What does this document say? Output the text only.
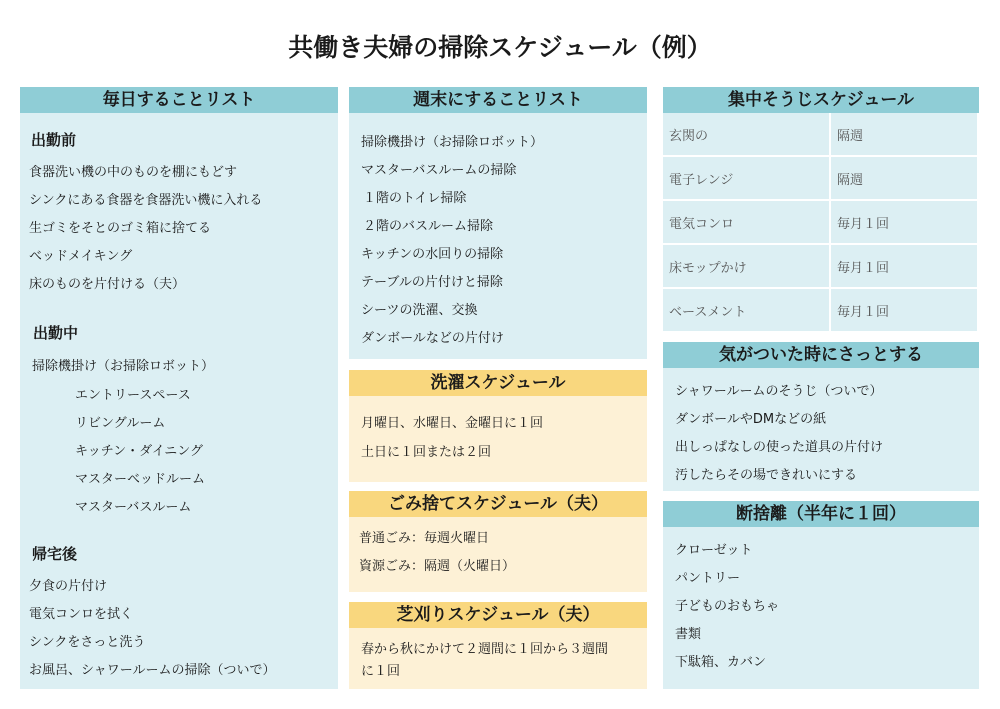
共働き夫婦の掃除スケジュール（例）
毎日することリスト
出勤前
食器洗い機の中のものを棚にもどす
シンクにある食器を食器洗い機に入れる
生ゴミをそとのゴミ箱に捨てる
ベッドメイキング
床のものを片付ける（夫）
出勤中
掃除機掛け（お掃除ロボット）
エントリースペース
リビングルーム
キッチン・ダイニング
マスターベッドルーム
マスターバスルーム
帰宅後
夕食の片付け
電気コンロを拭く
シンクをさっと洗う
お風呂、シャワールームの掃除（ついで）
週末にすることリスト
掃除機掛け（お掃除ロボット）
マスターバスルームの掃除
１階のトイレ掃除
２階のバスルーム掃除
キッチンの水回りの掃除
テーブルの片付けと掃除
シーツの洗濯、交換
ダンボールなどの片付け
洗濯スケジュール
月曜日、水曜日、金曜日に１回
土日に１回または２回
ごみ捨てスケジュール（夫）
普通ごみ：毎週火曜日
資源ごみ：隔週（火曜日）
芝刈りスケジュール（夫）
春から秋にかけて２週間に１回から３週間
に１回
集中そうじスケジュール
玄関の	隔週
電子レンジ	隔週
電気コンロ	毎月１回
床モップかけ	毎月１回
ベースメント	毎月１回
気がついた時にさっとする
シャワールームのそうじ（ついで）
ダンボールやDMなどの紙
出しっぱなしの使った道具の片付け
汚したらその場できれいにする
断捨離（半年に１回）
クローゼット
パントリー
子どものおもちゃ
書類
下駄箱、カバン
